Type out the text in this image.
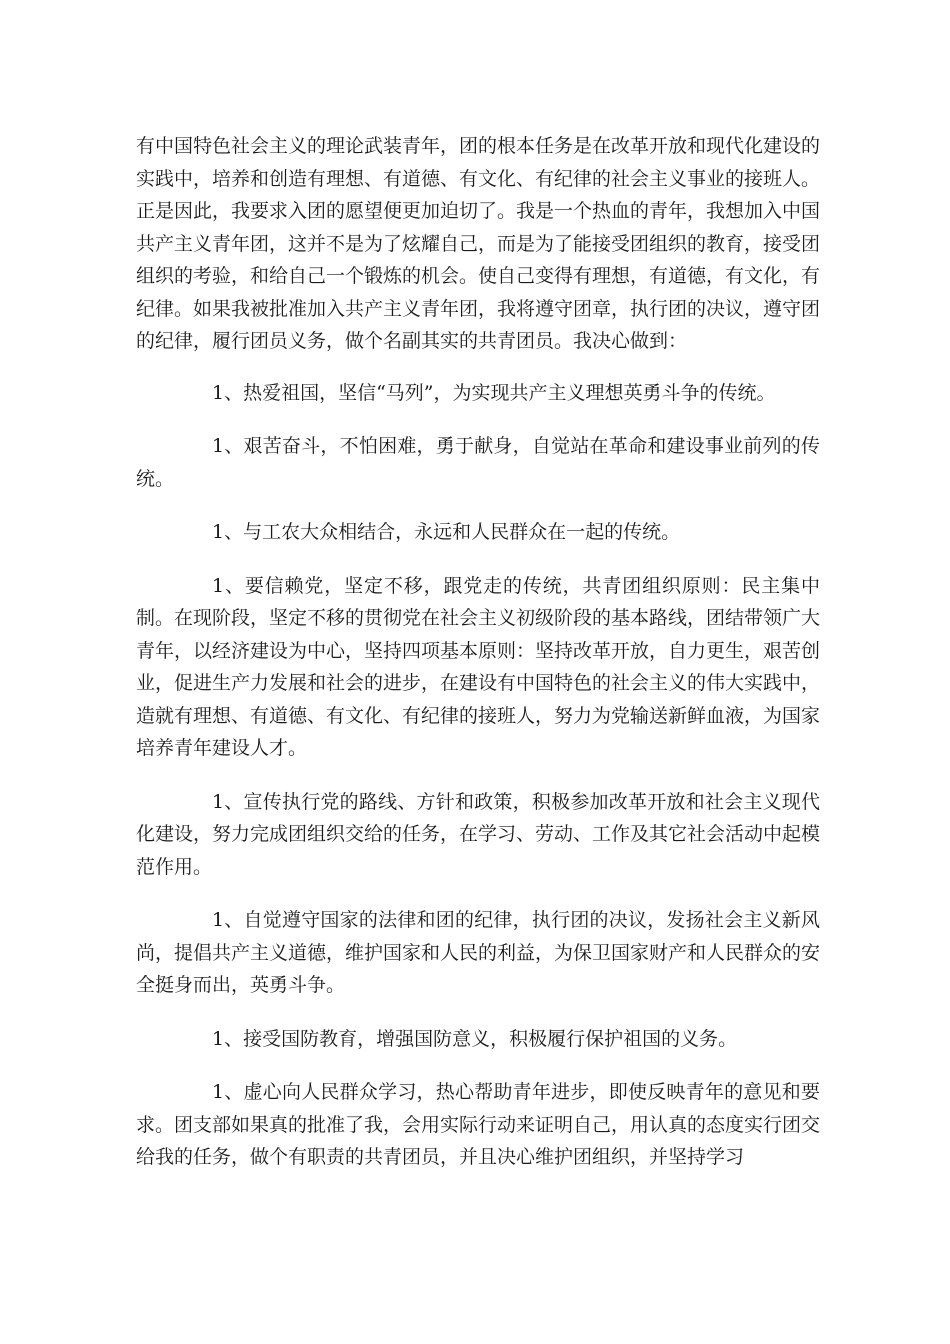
有中国特色社会主义的理论武装青年，团的根本任务是在改革开放和现代化建设的实践中，培养和创造有理想、有道德、有文化、有纪律的社会主义事业的接班人。正是因此，我要求入团的愿望便更加迫切了。我是一个热血的青年，我想加入中国共产主义青年团，这并不是为了炫耀自己，而是为了能接受团组织的教育，接受团组织的考验，和给自己一个锻炼的机会。使自己变得有理想，有道德，有文化，有纪律。如果我被批准加入共产主义青年团，我将遵守团章，执行团的决议，遵守团的纪律，履行团员义务，做个名副其实的共青团员。我决心做到：

1、热爱祖国，坚信“马列”，为实现共产主义理想英勇斗争的传统。

1、艰苦奋斗，不怕困难，勇于献身，自觉站在革命和建设事业前列的传统。

1、与工农大众相结合，永远和人民群众在一起的传统。

1、要信赖党，坚定不移，跟党走的传统，共青团组织原则：民主集中制。在现阶段，坚定不移的贯彻党在社会主义初级阶段的基本路线，团结带领广大青年，以经济建设为中心，坚持四项基本原则：坚持改革开放，自力更生，艰苦创业，促进生产力发展和社会的进步，在建设有中国特色的社会主义的伟大实践中，造就有理想、有道德、有文化、有纪律的接班人，努力为党输送新鲜血液，为国家培养青年建设人才。

1、宣传执行党的路线、方针和政策，积极参加改革开放和社会主义现代化建设，努力完成团组织交给的任务，在学习、劳动、工作及其它社会活动中起模范作用。

1、自觉遵守国家的法律和团的纪律，执行团的决议，发扬社会主义新风尚，提倡共产主义道德，维护国家和人民的利益，为保卫国家财产和人民群众的安全挺身而出，英勇斗争。

1、接受国防教育，增强国防意义，积极履行保护祖国的义务。

1、虚心向人民群众学习，热心帮助青年进步，即使反映青年的意见和要求。团支部如果真的批准了我，会用实际行动来证明自己，用认真的态度实行团交给我的任务，做个有职责的共青团员，并且决心维护团组织，并坚持学习
